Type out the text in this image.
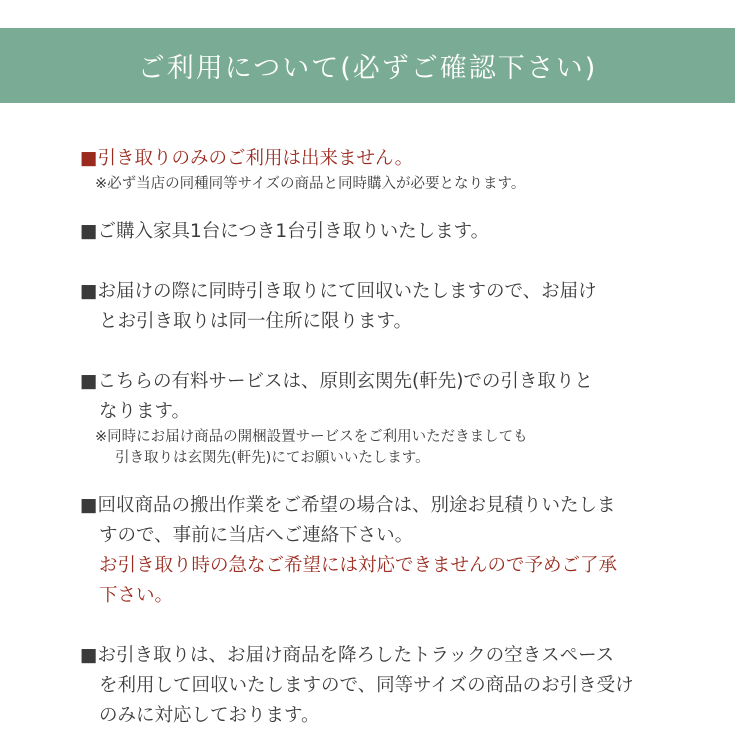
ご利用について(必ずご確認下さい)
■引き取りのみのご利用は出来ません。
※必ず当店の同種同等サイズの商品と同時購入が必要となります。
■ご購入家具1台につき1台引き取りいたします。
■お届けの際に同時引き取りにて回収いたしますので、お届け
とお引き取りは同一住所に限ります。
■こちらの有料サービスは、原則玄関先(軒先)での引き取りと
なります。
※同時にお届け商品の開梱設置サービスをご利用いただきましても
引き取りは玄関先(軒先)にてお願いいたします。
■回収商品の搬出作業をご希望の場合は、別途お見積りいたしま
すので、事前に当店へご連絡下さい。
お引き取り時の急なご希望には対応できませんので予めご了承
下さい。
■お引き取りは、お届け商品を降ろしたトラックの空きスペース
を利用して回収いたしますので、同等サイズの商品のお引き受け
のみに対応しております。
